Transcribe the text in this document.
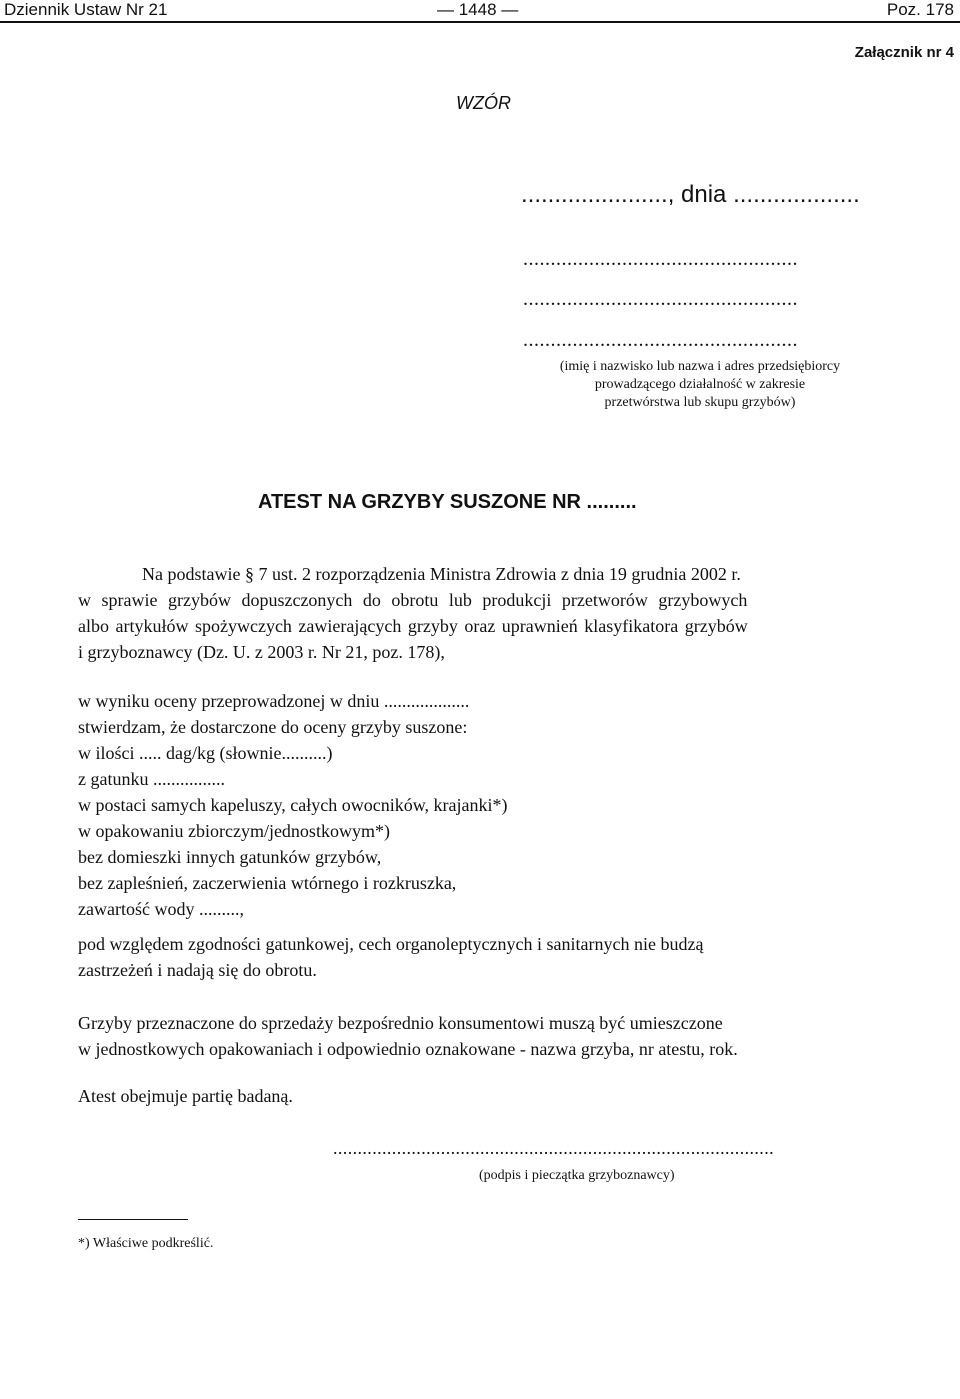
Dziennik Ustaw Nr 21	— 1448 —	Poz. 178
Załącznik nr 4
WZÓR
......................, dnia ...................
..................................................
..................................................
..................................................
(imię i nazwisko lub nazwa i adres przedsiębiorcy
prowadzącego działalność w zakresie
przetwórstwa lub skupu grzybów)
ATEST NA GRZYBY SUSZONE NR .........
Na podstawie § 7 ust. 2 rozporządzenia Ministra Zdrowia z dnia 19 grudnia 2002 r.
w sprawie grzybów dopuszczonych do obrotu lub produkcji przetworów grzybowych
albo artykułów spożywczych zawierających grzyby oraz uprawnień klasyfikatora grzybów
i grzyboznawcy (Dz. U. z 2003 r. Nr 21, poz. 178),
w wyniku oceny przeprowadzonej w dniu ...................
stwierdzam, że dostarczone do oceny grzyby suszone:
w ilości ..... dag/kg (słownie..........)
z gatunku ................
w postaci samych kapeluszy, całych owocników, krajanki*)
w opakowaniu zbiorczym/jednostkowym*)
bez domieszki innych gatunków grzybów,
bez zapleśnień, zaczerwienia wtórnego i rozkruszka,
zawartość wody .........,
pod względem zgodności gatunkowej, cech organoleptycznych i sanitarnych nie budzą
zastrzeżeń i nadają się do obrotu.
Grzyby przeznaczone do sprzedaży bezpośrednio konsumentowi muszą być umieszczone
w jednostkowych opakowaniach i odpowiednio oznakowane - nazwa grzyba, nr atestu, rok.
Atest obejmuje partię badaną.
..........................................................................................
(podpis i pieczątka grzyboznawcy)
*) Właściwe podkreślić.
